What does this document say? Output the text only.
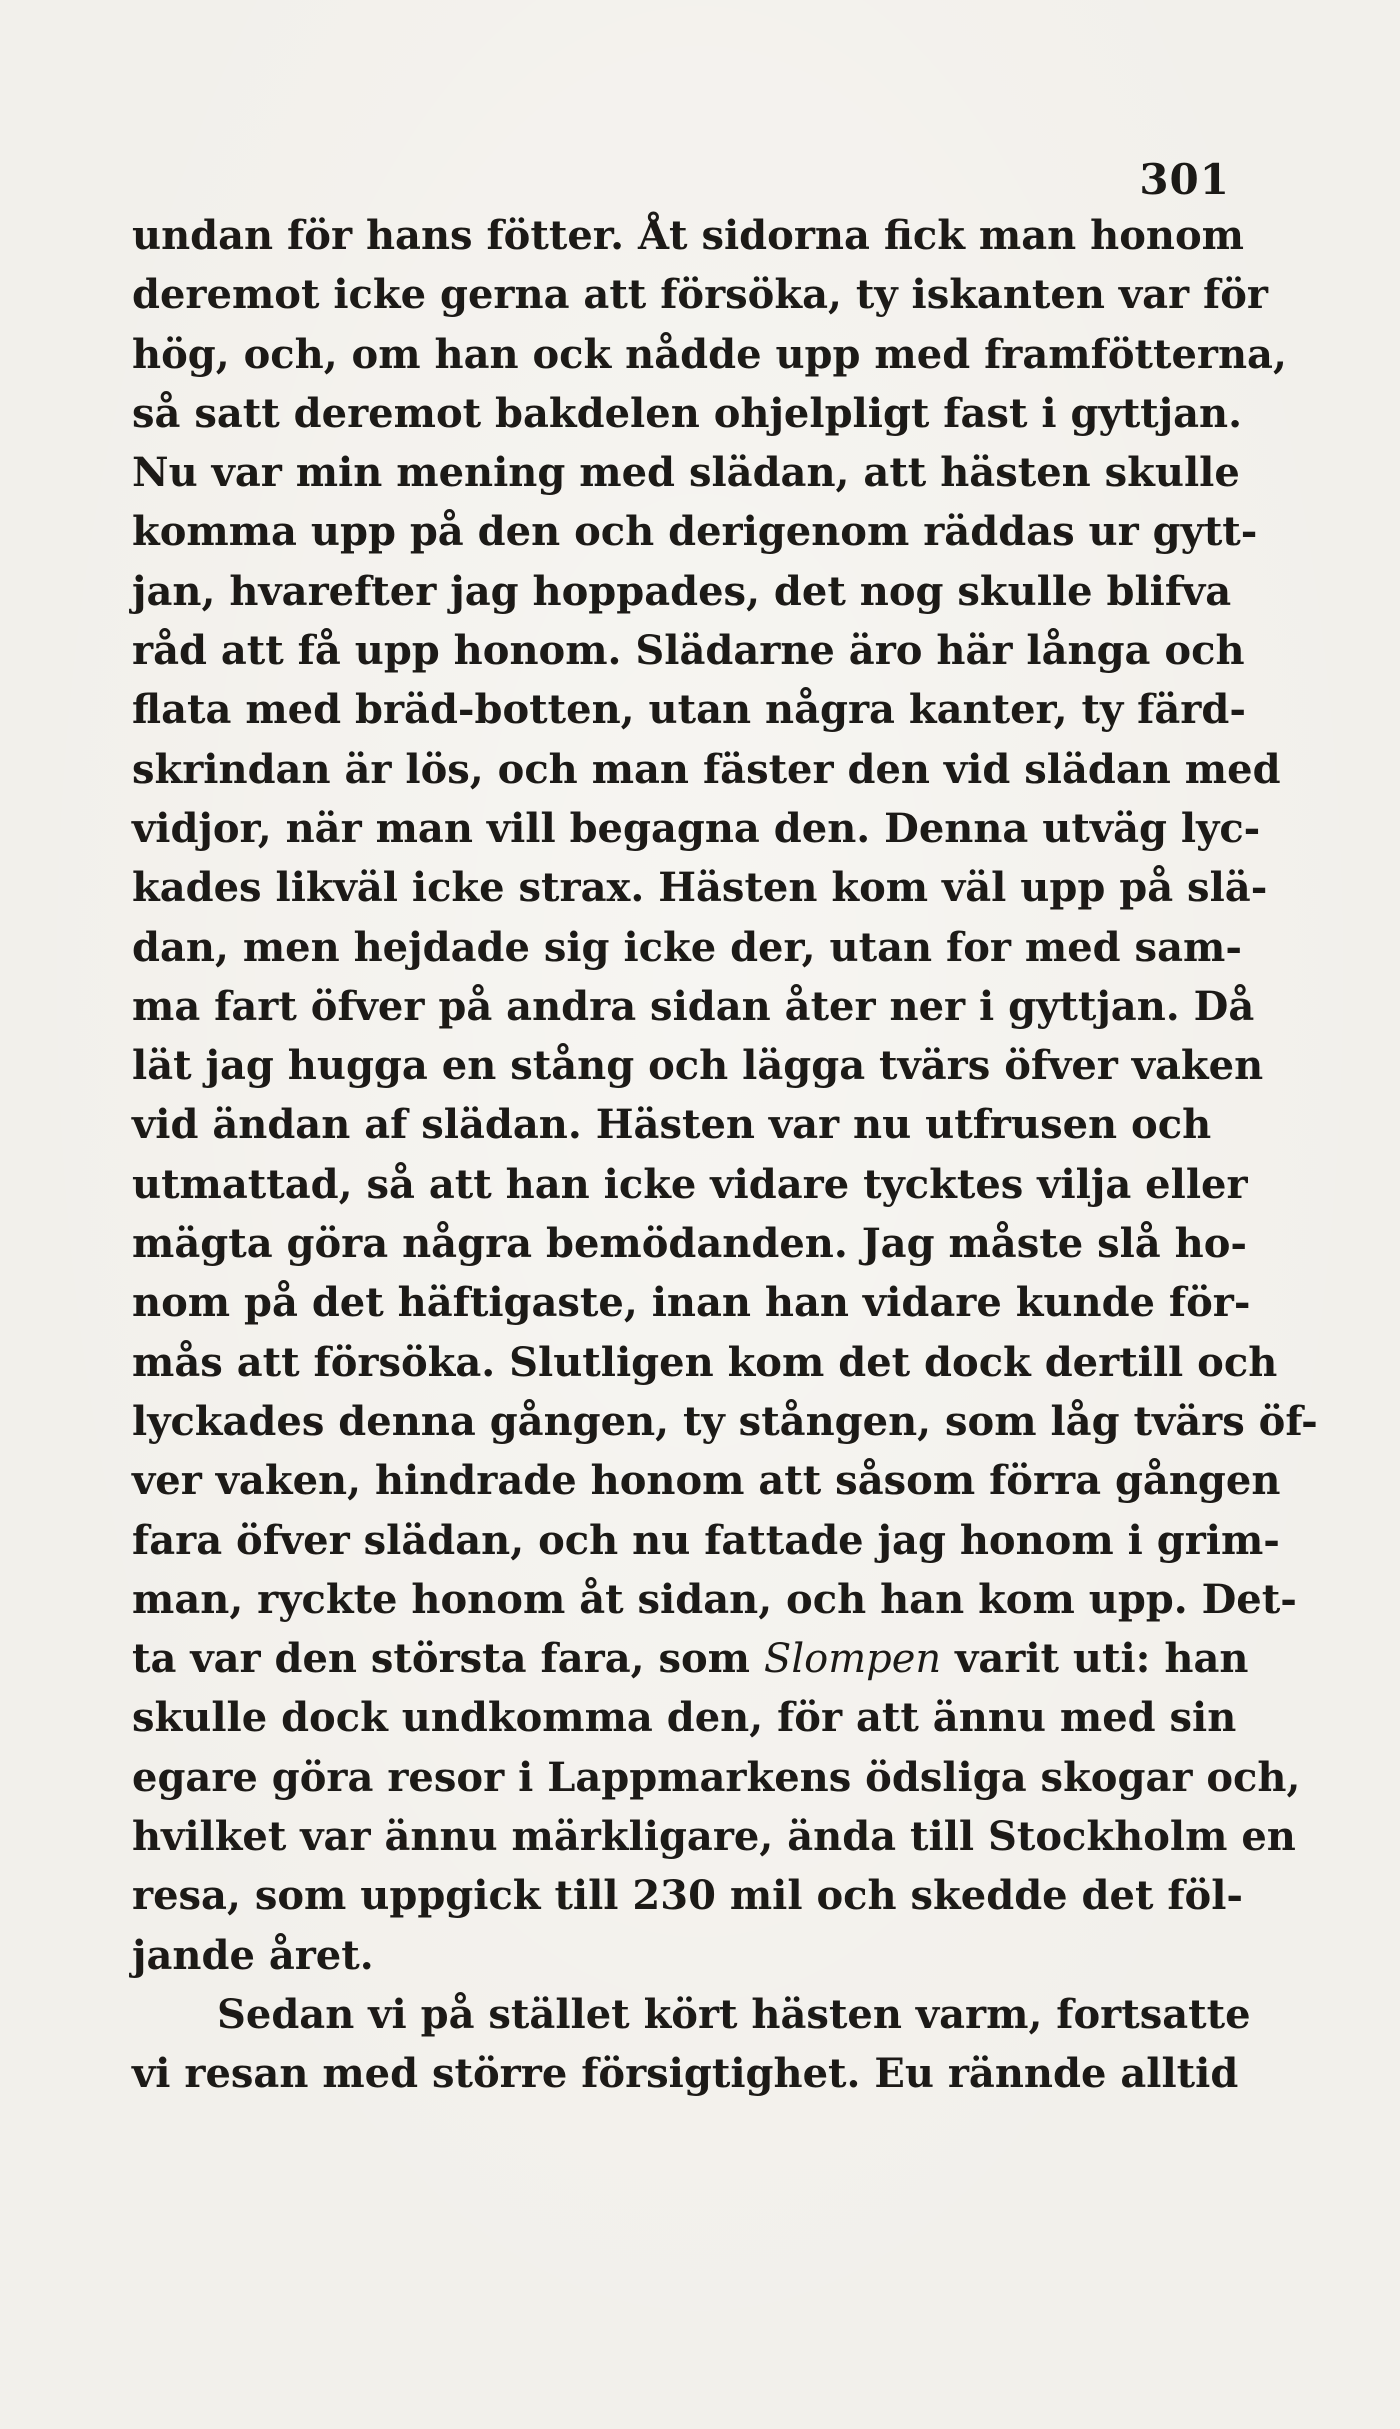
301

undan för hans fötter. Åt sidorna fick man honom
deremot icke gerna att försöka, ty iskanten var för
hög, och, om han ock nådde upp med framfötterna,
så satt deremot bakdelen ohjelpligt fast i gyttjan.
Nu var min mening med slädan, att hästen skulle
komma upp på den och derigenom räddas ur gytt-
jan, hvarefter jag hoppades, det nog skulle blifva
råd att få upp honom. Slädarne äro här långa och
flata med bräd-botten, utan några kanter, ty färd-
skrindan är lös, och man fäster den vid slädan med
vidjor, när man vill begagna den. Denna utväg lyc-
kades likväl icke strax. Hästen kom väl upp på slä-
dan, men hejdade sig icke der, utan for med sam-
ma fart öfver på andra sidan åter ner i gyttjan. Då
lät jag hugga en stång och lägga tvärs öfver vaken
vid ändan af slädan. Hästen var nu utfrusen och
utmattad, så att han icke vidare tycktes vilja eller
mägta göra några bemödanden. Jag måste slå ho-
nom på det häftigaste, inan han vidare kunde för-
mås att försöka. Slutligen kom det dock dertill och
lyckades denna gången, ty stången, som låg tvärs öf-
ver vaken, hindrade honom att såsom förra gången
fara öfver slädan, och nu fattade jag honom i grim-
man, ryckte honom åt sidan, och han kom upp. Det-
ta var den största fara, som Slompen varit uti: han
skulle dock undkomma den, för att ännu med sin
egare göra resor i Lappmarkens ödsliga skogar och,
hvilket var ännu märkligare, ända till Stockholm en
resa, som uppgick till 230 mil och skedde det föl-
jande året.
Sedan vi på stället kört hästen varm, fortsatte
vi resan med större försigtighet. Eu rännde alltid
